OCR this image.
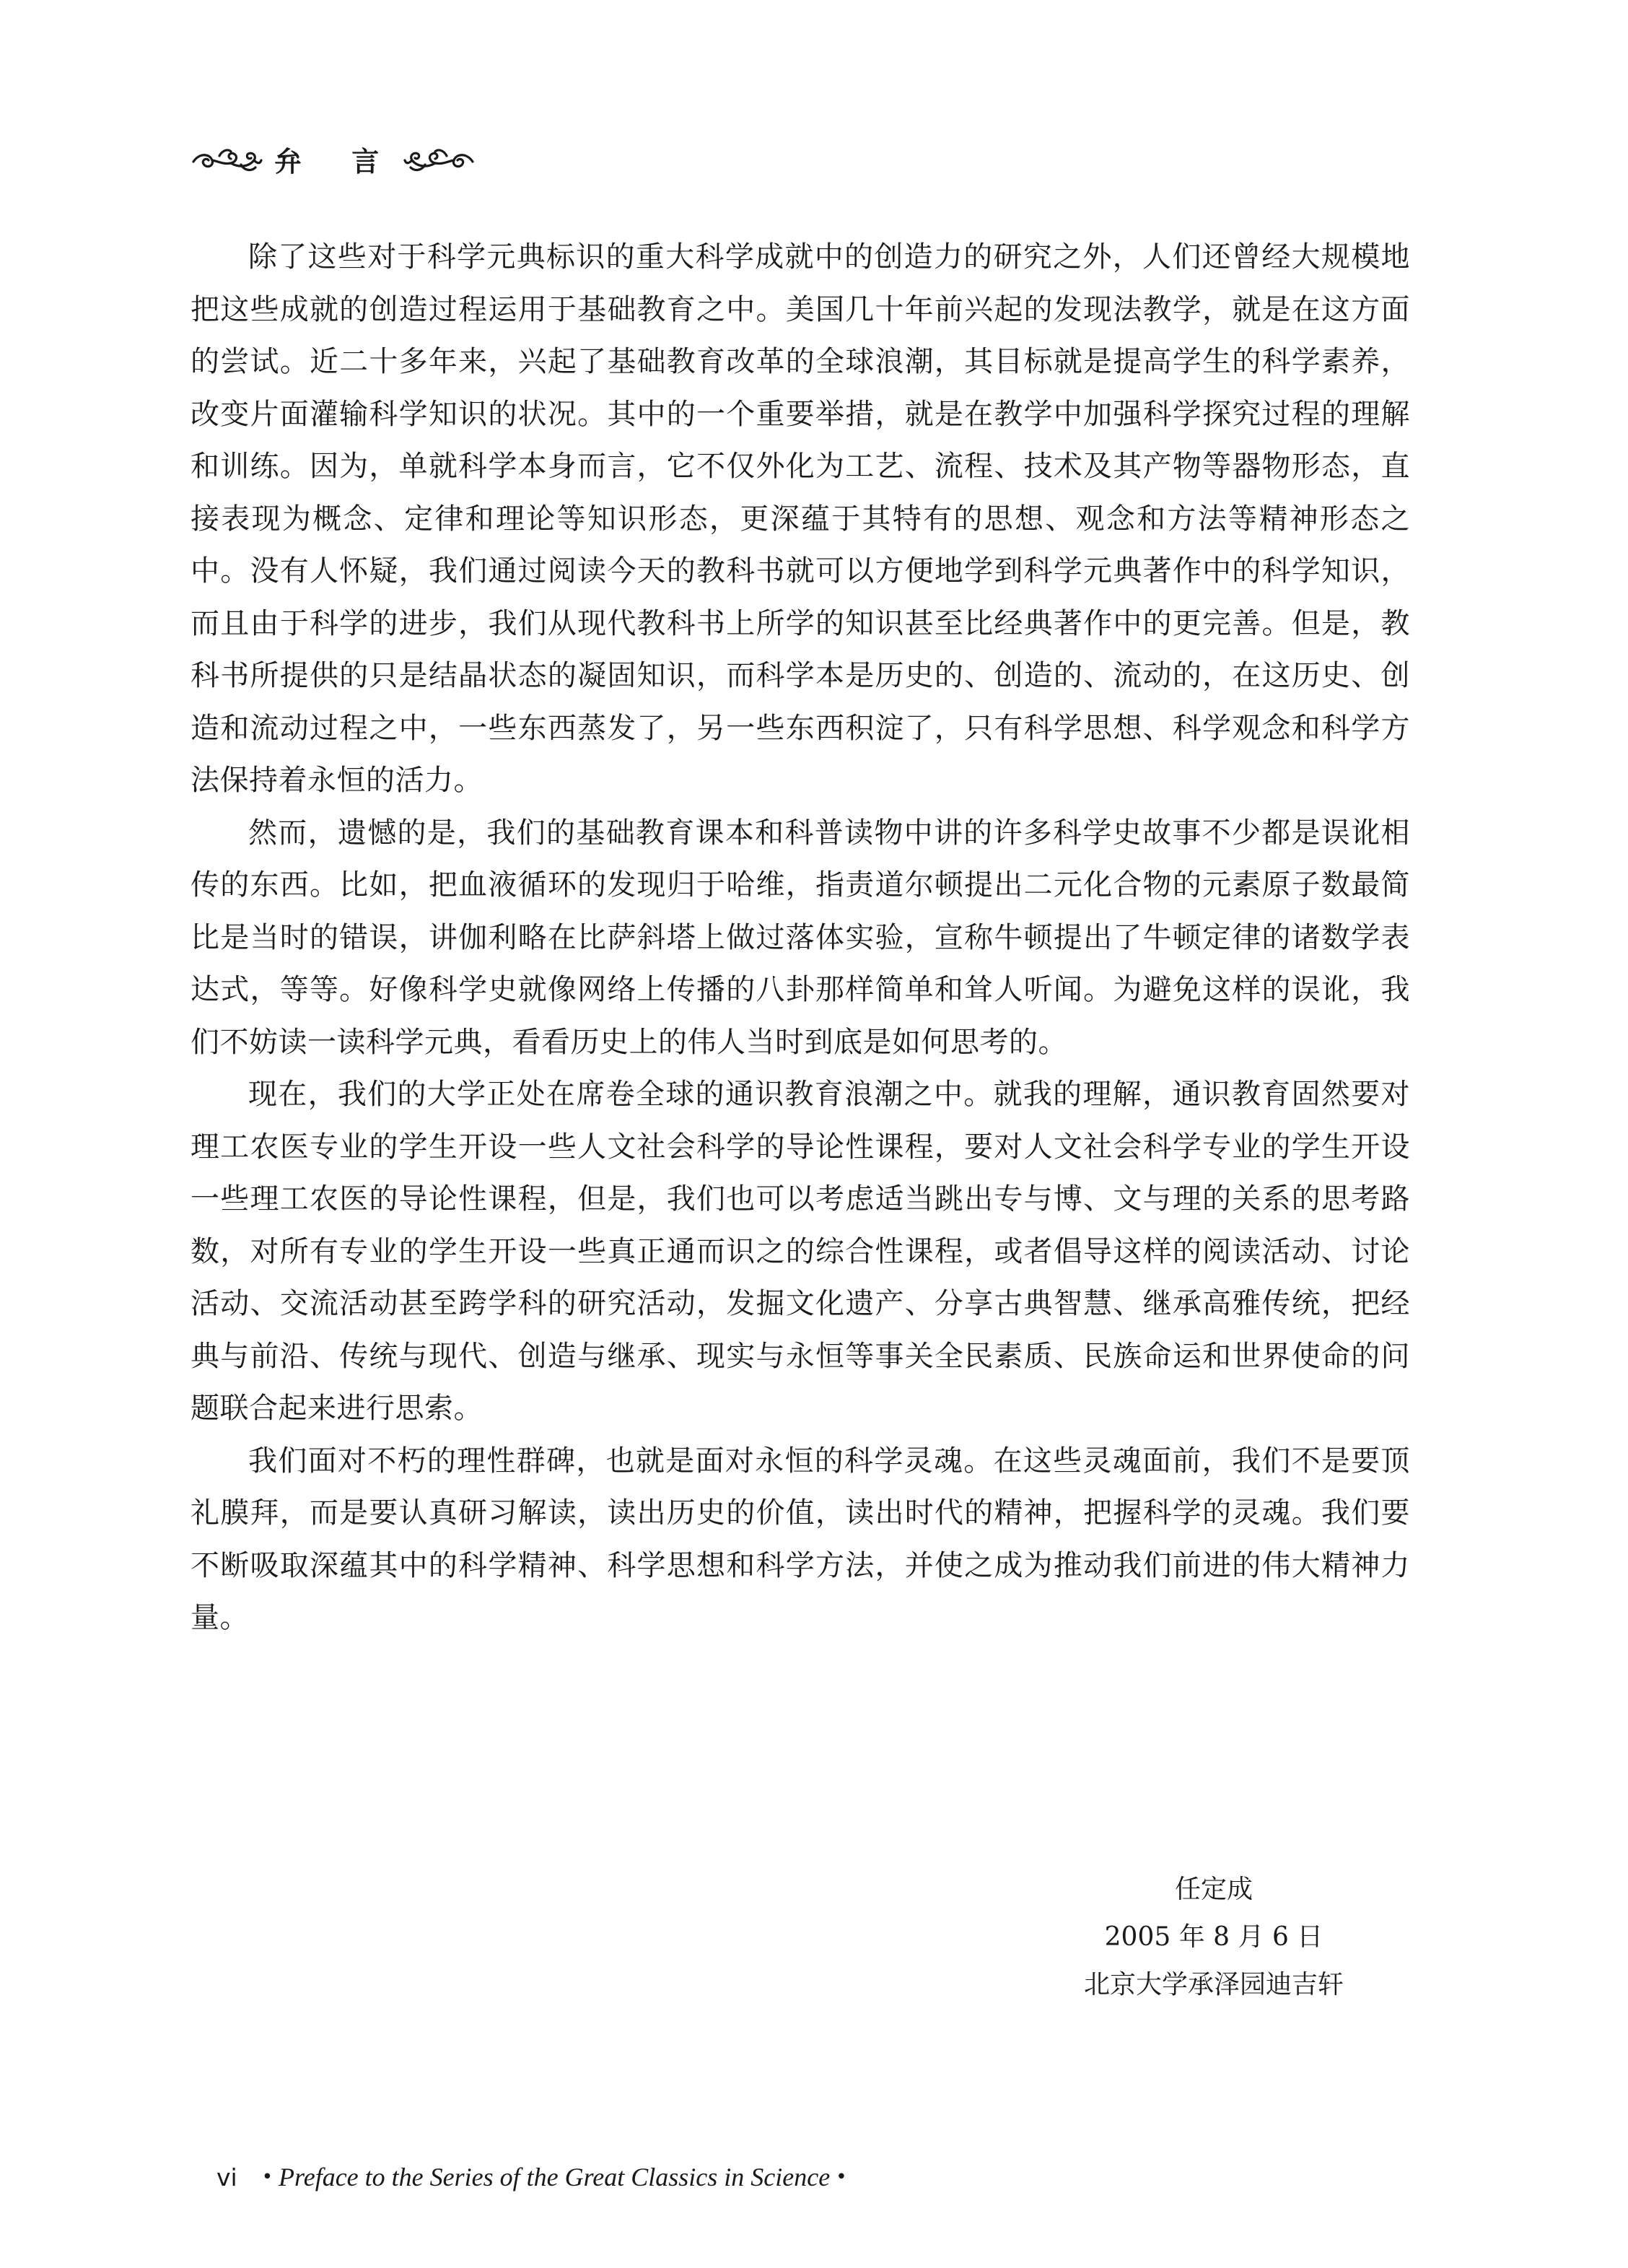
弁 言

除了这些对于科学元典标识的重大科学成就中的创造力的研究之外，人们还曾经大规模地把这些成就的创造过程运用于基础教育之中。美国几十年前兴起的发现法教学，就是在这方面的尝试。近二十多年来，兴起了基础教育改革的全球浪潮，其目标就是提高学生的科学素养，改变片面灌输科学知识的状况。其中的一个重要举措，就是在教学中加强科学探究过程的理解和训练。因为，单就科学本身而言，它不仅外化为工艺、流程、技术及其产物等器物形态，直接表现为概念、定律和理论等知识形态，更深蕴于其特有的思想、观念和方法等精神形态之中。没有人怀疑，我们通过阅读今天的教科书就可以方便地学到科学元典著作中的科学知识，而且由于科学的进步，我们从现代教科书上所学的知识甚至比经典著作中的更完善。但是，教科书所提供的只是结晶状态的凝固知识，而科学本是历史的、创造的、流动的，在这历史、创造和流动过程之中，一些东西蒸发了，另一些东西积淀了，只有科学思想、科学观念和科学方法保持着永恒的活力。

然而，遗憾的是，我们的基础教育课本和科普读物中讲的许多科学史故事不少都是误讹相传的东西。比如，把血液循环的发现归于哈维，指责道尔顿提出二元化合物的元素原子数最简比是当时的错误，讲伽利略在比萨斜塔上做过落体实验，宣称牛顿提出了牛顿定律的诸数学表达式，等等。好像科学史就像网络上传播的八卦那样简单和耸人听闻。为避免这样的误讹，我们不妨读一读科学元典，看看历史上的伟人当时到底是如何思考的。

现在，我们的大学正处在席卷全球的通识教育浪潮之中。就我的理解，通识教育固然要对理工农医专业的学生开设一些人文社会科学的导论性课程，要对人文社会科学专业的学生开设一些理工农医的导论性课程，但是，我们也可以考虑适当跳出专与博、文与理的关系的思考路数，对所有专业的学生开设一些真正通而识之的综合性课程，或者倡导这样的阅读活动、讨论活动、交流活动甚至跨学科的研究活动，发掘文化遗产、分享古典智慧、继承高雅传统，把经典与前沿、传统与现代、创造与继承、现实与永恒等事关全民素质、民族命运和世界使命的问题联合起来进行思索。

我们面对不朽的理性群碑，也就是面对永恒的科学灵魂。在这些灵魂面前，我们不是要顶礼膜拜，而是要认真研习解读，读出历史的价值，读出时代的精神，把握科学的灵魂。我们要不断吸取深蕴其中的科学精神、科学思想和科学方法，并使之成为推动我们前进的伟大精神力量。

任定成
2005 年 8 月 6 日
北京大学承泽园迪吉轩
vi • Preface to the Series of the Great Classics in Science •
